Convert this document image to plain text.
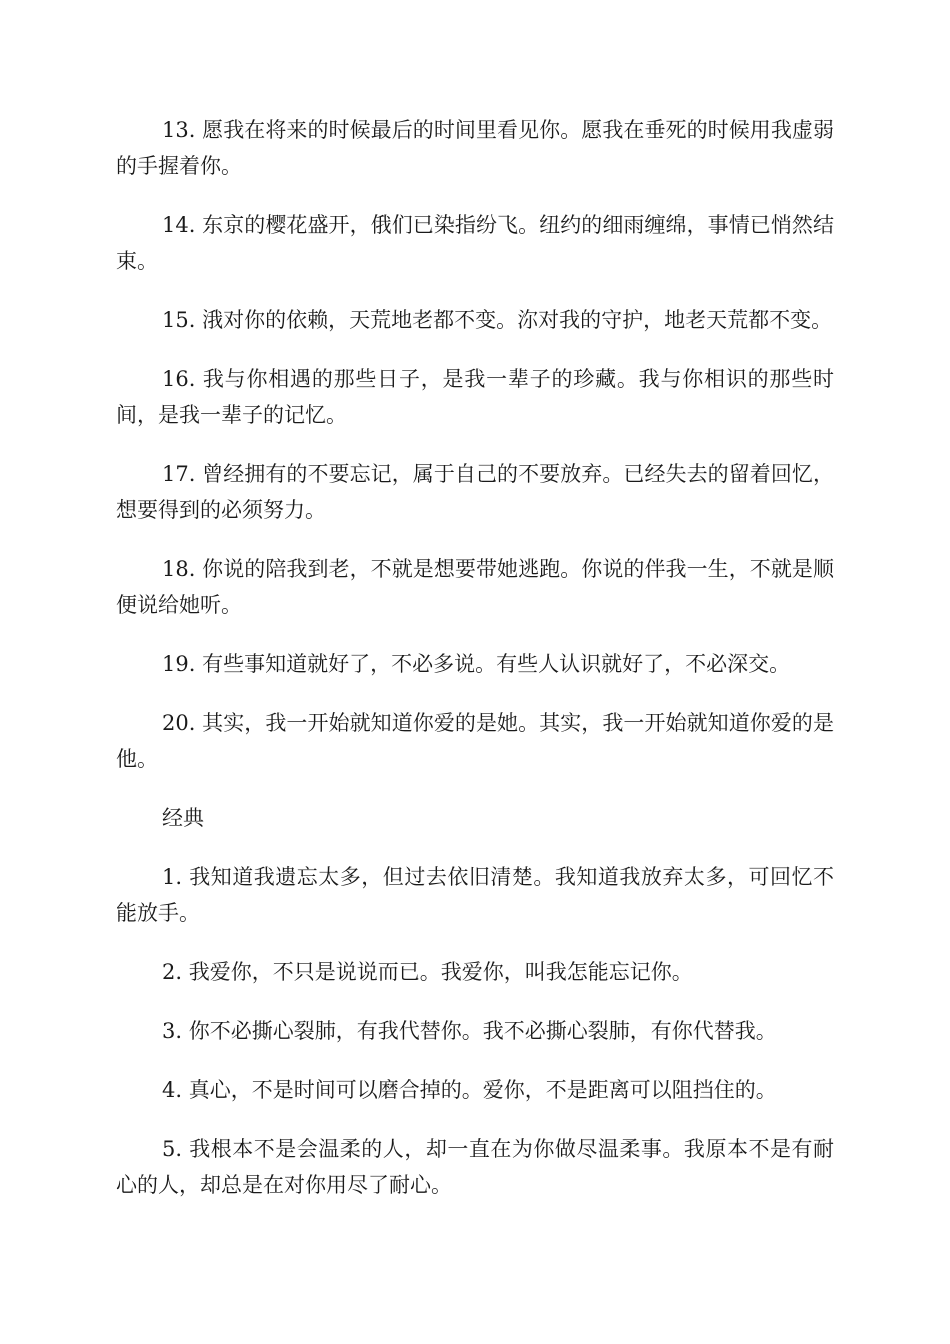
13. 愿我在将来的时候最后的时间里看见你。愿我在垂死的时候用我虚弱的手握着你。

14. 东京的樱花盛开，俄们已染指纷飞。纽约的细雨缠绵，事情已悄然结束。

15. 涐对你的依赖，天荒地老都不变。沵对我的守护，地老天荒都不变。

16. 我与你相遇的那些日子，是我一辈子的珍藏。我与你相识的那些时间，是我一辈子的记忆。

17. 曾经拥有的不要忘记，属于自己的不要放弃。已经失去的留着回忆，想要得到的必须努力。

18. 你说的陪我到老，不就是想要带她逃跑。你说的伴我一生，不就是顺便说给她听。

19. 有些事知道就好了，不必多说。有些人认识就好了，不必深交。

20. 其实，我一开始就知道你爱的是她。其实，我一开始就知道你爱的是他。

经典

1. 我知道我遗忘太多，但过去依旧清楚。我知道我放弃太多，可回忆不能放手。

2. 我爱你，不只是说说而已。我爱你，叫我怎能忘记你。

3. 你不必撕心裂肺，有我代替你。我不必撕心裂肺，有你代替我。

4. 真心，不是时间可以磨合掉的。爱你，不是距离可以阻挡住的。

5. 我根本不是会温柔的人，却一直在为你做尽温柔事。我原本不是有耐心的人，却总是在对你用尽了耐心。
